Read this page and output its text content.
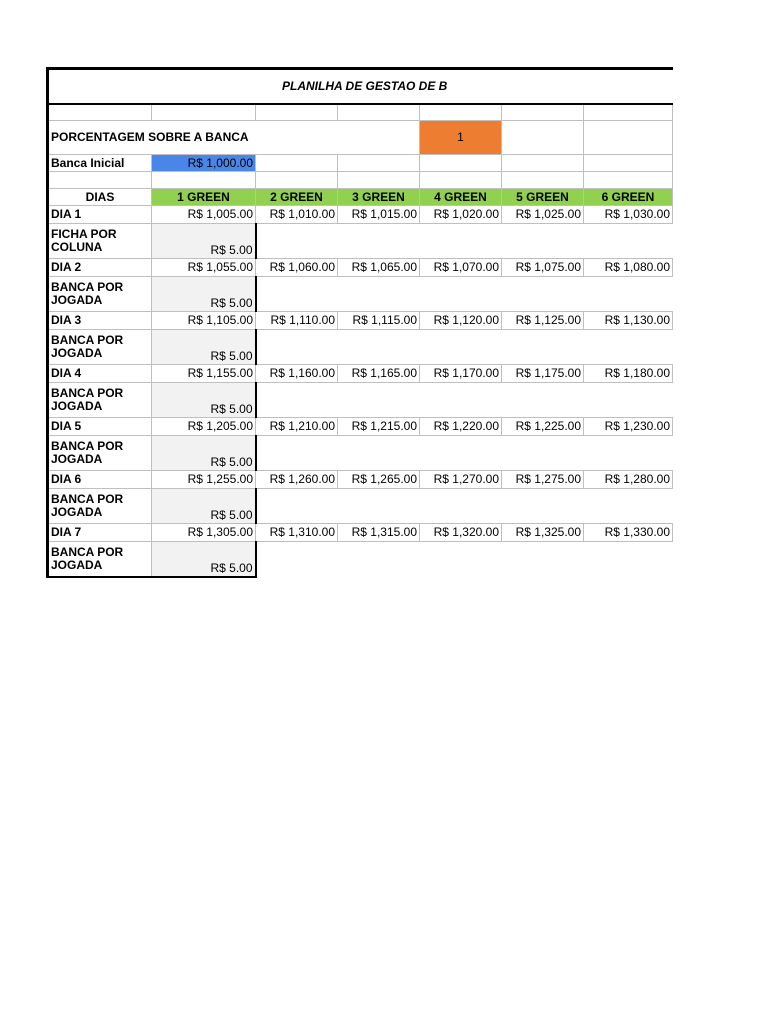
PLANILHA DE GESTAO DE B						

PORCENTAGEM SOBRE A BANCA				1		
Banca Inicial	R$ 1,000.00					

DIAS	1 GREEN	2 GREEN	3 GREEN	4 GREEN	5 GREEN	6 GREEN
DIA 1	R$ 1,005.00	R$ 1,010.00	R$ 1,015.00	R$ 1,020.00	R$ 1,025.00	R$ 1,030.00
FICHA POR COLUNA	R$ 5.00					
DIA 2	R$ 1,055.00	R$ 1,060.00	R$ 1,065.00	R$ 1,070.00	R$ 1,075.00	R$ 1,080.00
BANCA POR JOGADA	R$ 5.00					
DIA 3	R$ 1,105.00	R$ 1,110.00	R$ 1,115.00	R$ 1,120.00	R$ 1,125.00	R$ 1,130.00
BANCA POR JOGADA	R$ 5.00					
DIA 4	R$ 1,155.00	R$ 1,160.00	R$ 1,165.00	R$ 1,170.00	R$ 1,175.00	R$ 1,180.00
BANCA POR JOGADA	R$ 5.00					
DIA 5	R$ 1,205.00	R$ 1,210.00	R$ 1,215.00	R$ 1,220.00	R$ 1,225.00	R$ 1,230.00
BANCA POR JOGADA	R$ 5.00					
DIA 6	R$ 1,255.00	R$ 1,260.00	R$ 1,265.00	R$ 1,270.00	R$ 1,275.00	R$ 1,280.00
BANCA POR JOGADA	R$ 5.00					
DIA 7	R$ 1,305.00	R$ 1,310.00	R$ 1,315.00	R$ 1,320.00	R$ 1,325.00	R$ 1,330.00
BANCA POR JOGADA	R$ 5.00					
